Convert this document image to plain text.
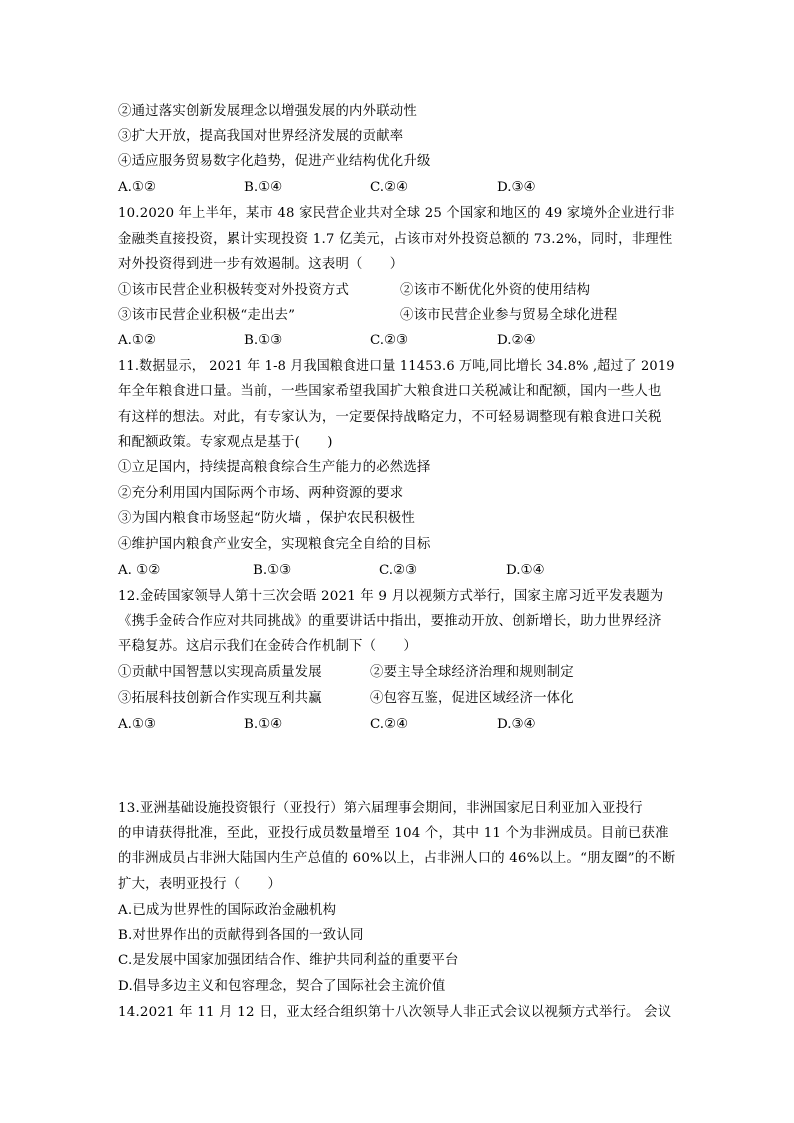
②通过落实创新发展理念以增强发展的内外联动性
③扩大开放，提高我国对世界经济发展的贡献率
④适应服务贸易数字化趋势，促进产业结构优化升级
A.①②	B.①④	C.②④	D.③④
10.2020 年上半年，某市 48 家民营企业共对全球 25 个国家和地区的 49 家境外企业进行非
金融类直接投资，累计实现投资 1.7 亿美元，占该市对外投资总额的 73.2%，同时，非理性
对外投资得到进一步有效遏制。这表明（　　）
①该市民营企业积极转变对外投资方式	②该市不断优化外资的使用结构
③该市民营企业积极“走出去”	④该市民营企业参与贸易全球化进程
A.①②	B.①③	C.②③	D.②④
11.数据显示， 2021 年 1-8 月我国粮食进口量 11453.6 万吨,同比增长 34.8% ,超过了 2019
年全年粮食进口量。当前，一些国家希望我国扩大粮食进口关税减让和配额，国内一些人也
有这样的想法。对此，有专家认为，一定要保持战略定力，不可轻易调整现有粮食进口关税
和配额政策。专家观点是基于(　　)
①立足国内，持续提高粮食综合生产能力的必然选择
②充分利用国内国际两个市场、两种资源的要求
③为国内粮食市场竖起“防火墙 ，保护农民积极性
④维护国内粮食产业安全，实现粮食完全自给的目标
A. ①②	B.①③	C.②③	D.①④
12.金砖国家领导人第十三次会晤 2021 年 9 月以视频方式举行，国家主席习近平发表题为
《携手金砖合作应对共同挑战》的重要讲话中指出，要推动开放、创新增长，助力世界经济
平稳复苏。这启示我们在金砖合作机制下（　　）
①贡献中国智慧以实现高质量发展	②要主导全球经济治理和规则制定
③拓展科技创新合作实现互利共赢	④包容互鉴，促进区域经济一体化
A.①③	B.①④	C.②④	D.③④
13.亚洲基础设施投资银行（亚投行）第六届理事会期间，非洲国家尼日利亚加入亚投行
的申请获得批准，至此，亚投行成员数量增至 104 个，其中 11 个为非洲成员。目前已获准
的非洲成员占非洲大陆国内生产总值的 60%以上，占非洲人口的 46%以上。“朋友圈”的不断
扩大，表明亚投行（　　）
A.已成为世界性的国际政治金融机构
B.对世界作出的贡献得到各国的一致认同
C.是发展中国家加强团结合作、维护共同利益的重要平台
D.倡导多边主义和包容理念，契合了国际社会主流价值
14.2021 年 11 月 12 日，亚太经合组织第十八次领导人非正式会议以视频方式举行。 会议
